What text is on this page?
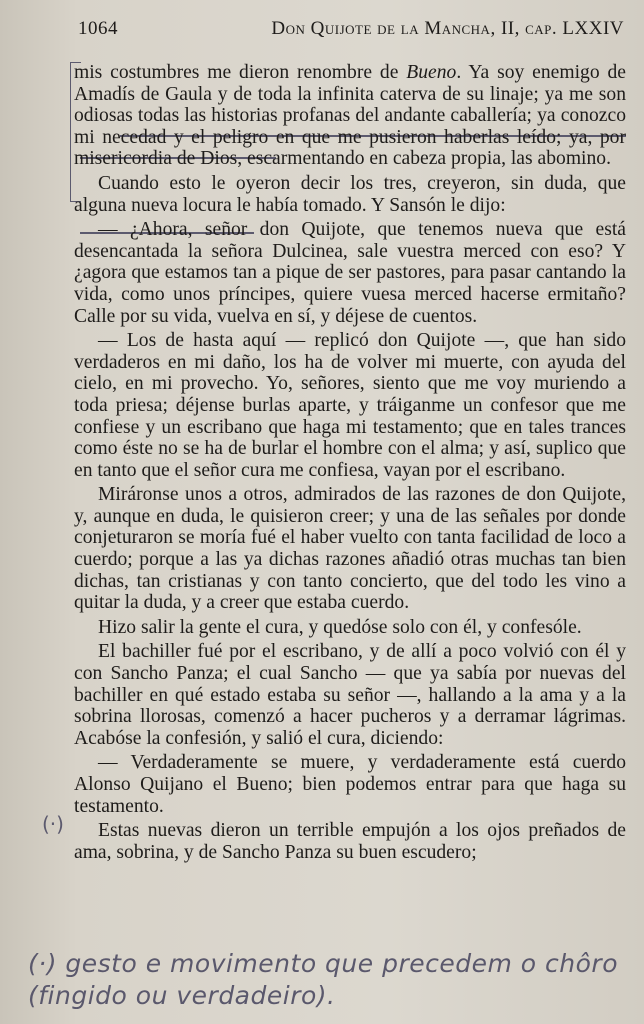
1064	Don Quijote de la Mancha, II, cap. LXXIV

mis costumbres me dieron renombre de Bueno. Ya soy enemigo de Amadís de Gaula y de toda la infinita caterva de su linaje; ya me son odiosas todas las historias profanas del andante caballería; ya conozco mi necedad y el peligro en que me pusieron haberlas leído; ya, por misericordia de Dios, escarmentando en cabeza propia, las abomino.

Cuando esto le oyeron decir los tres, creyeron, sin duda, que alguna nueva locura le había tomado. Y Sansón le dijo:

— ¿Ahora, señor don Quijote, que tenemos nueva que está desencantada la señora Dulcinea, sale vuestra merced con eso? Y ¿agora que estamos tan a pique de ser pastores, para pasar cantando la vida, como unos príncipes, quiere vuesa merced hacerse ermitaño? Calle por su vida, vuelva en sí, y déjese de cuentos.

— Los de hasta aquí — replicó don Quijote —, que han sido verdaderos en mi daño, los ha de volver mi muerte, con ayuda del cielo, en mi provecho. Yo, señores, siento que me voy muriendo a toda priesa; déjense burlas aparte, y tráiganme un confesor que me confiese y un escribano que haga mi testamento; que en tales trances como éste no se ha de burlar el hombre con el alma; y así, suplico que en tanto que el señor cura me confiesa, vayan por el escribano.

Miráronse unos a otros, admirados de las razones de don Quijote, y, aunque en duda, le quisieron creer; y una de las señales por donde conjeturaron se moría fué el haber vuelto con tanta facilidad de loco a cuerdo; porque a las ya dichas razones añadió otras muchas tan bien dichas, tan cristianas y con tanto concierto, que del todo les vino a quitar la duda, y a creer que estaba cuerdo.

Hizo salir la gente el cura, y quedóse solo con él, y confesóle.

El bachiller fué por el escribano, y de allí a poco volvió con él y con Sancho Panza; el cual Sancho — que ya sabía por nuevas del bachiller en qué estado estaba su señor —, hallando a la ama y a la sobrina llorosas, comenzó a hacer pucheros y a derramar lágrimas. Acabóse la confesión, y salió el cura, diciendo:

— Verdaderamente se muere, y verdaderamente está cuerdo Alonso Quijano el Bueno; bien podemos entrar para que haga su testamento.

Estas nuevas dieron un terrible empujón a los ojos preñados de ama, sobrina, y de Sancho Panza su buen escudero;

(·)
(·) gesto e movimento que precedem o chôro (fingido ou verdadeiro).
